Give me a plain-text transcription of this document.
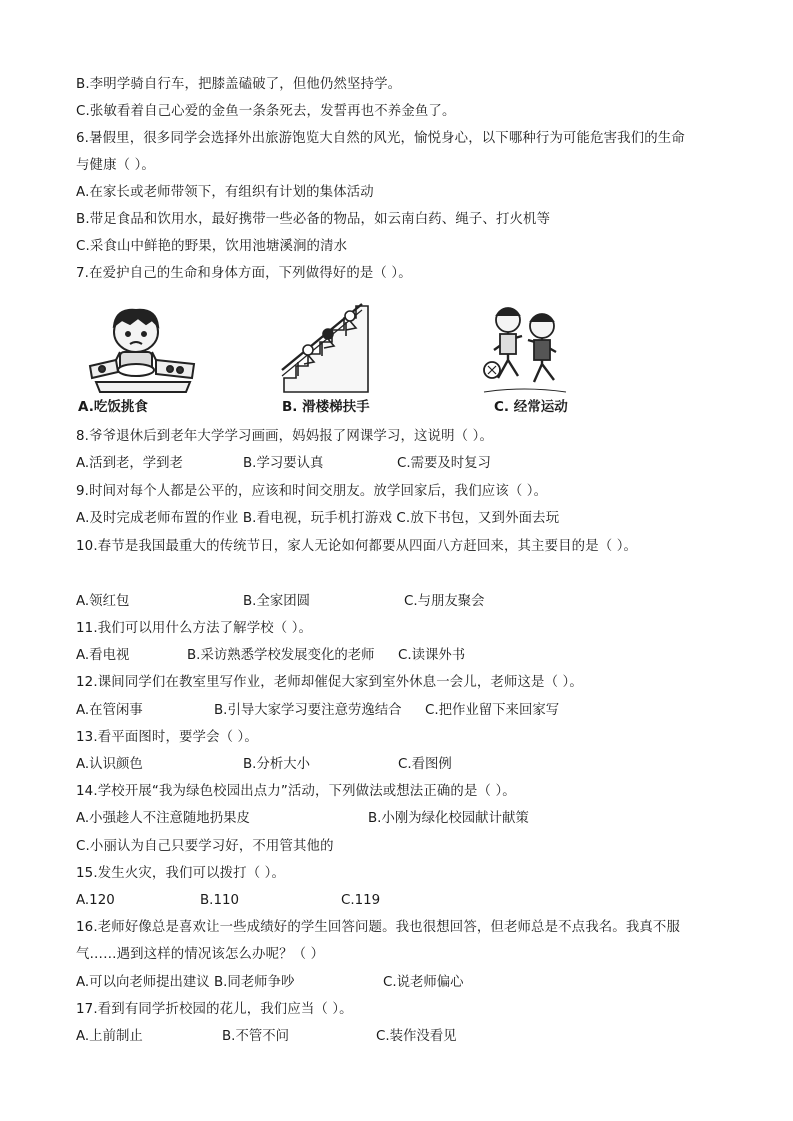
B.李明学骑自行车，把膝盖磕破了，但他仍然坚持学。
C.张敏看着自己心爱的金鱼一条条死去，发誓再也不养金鱼了。
6.暑假里，很多同学会选择外出旅游饱览大自然的风光，愉悦身心，以下哪种行为可能危害我们的生命
与健康（ ）。
A.在家长或老师带领下，有组织有计划的集体活动
B.带足食品和饮用水，最好携带一些必备的物品，如云南白药、绳子、打火机等
C.采食山中鲜艳的野果，饮用池塘溪涧的清水
7.在爱护自己的生命和身体方面，下列做得好的是（ ）。
A.吃饭挑食	B. 滑楼梯扶手	C. 经常运动
8.爷爷退休后到老年大学学习画画，妈妈报了网课学习，这说明（ ）。
A.活到老，学到老	B.学习要认真	C.需要及时复习
9.时间对每个人都是公平的，应该和时间交朋友。放学回家后，我们应该（ ）。
A.及时完成老师布置的作业 B.看电视，玩手机打游戏 C.放下书包，又到外面去玩
10.春节是我国最重大的传统节日，家人无论如何都要从四面八方赶回来，其主要目的是（ ）。
A.领红包	B.全家团圆	C.与朋友聚会
11.我们可以用什么方法了解学校（ ）。
A.看电视	B.采访熟悉学校发展变化的老师 C.读课外书
12.课间同学们在教室里写作业，老师却催促大家到室外休息一会儿，老师这是（ ）。
A.在管闲事	B.引导大家学习要注意劳逸结合 C.把作业留下来回家写
13.看平面图时，要学会（ ）。
A.认识颜色	B.分析大小	C.看图例
14.学校开展“我为绿色校园出点力”活动，下列做法或想法正确的是（ ）。
A.小强趁人不注意随地扔果皮	B.小刚为绿化校园献计献策
C.小丽认为自己只要学习好，不用管其他的
15.发生火灾，我们可以拨打（ ）。
A.120	B.110	C.119
16.老师好像总是喜欢让一些成绩好的学生回答问题。我也很想回答，但老师总是不点我名。我真不服
气……遇到这样的情况该怎么办呢？（ ）
A.可以向老师提出建议 B.同老师争吵	C.说老师偏心
17.看到有同学折校园的花儿，我们应当（ ）。
A.上前制止	B.不管不问	C.装作没看见
